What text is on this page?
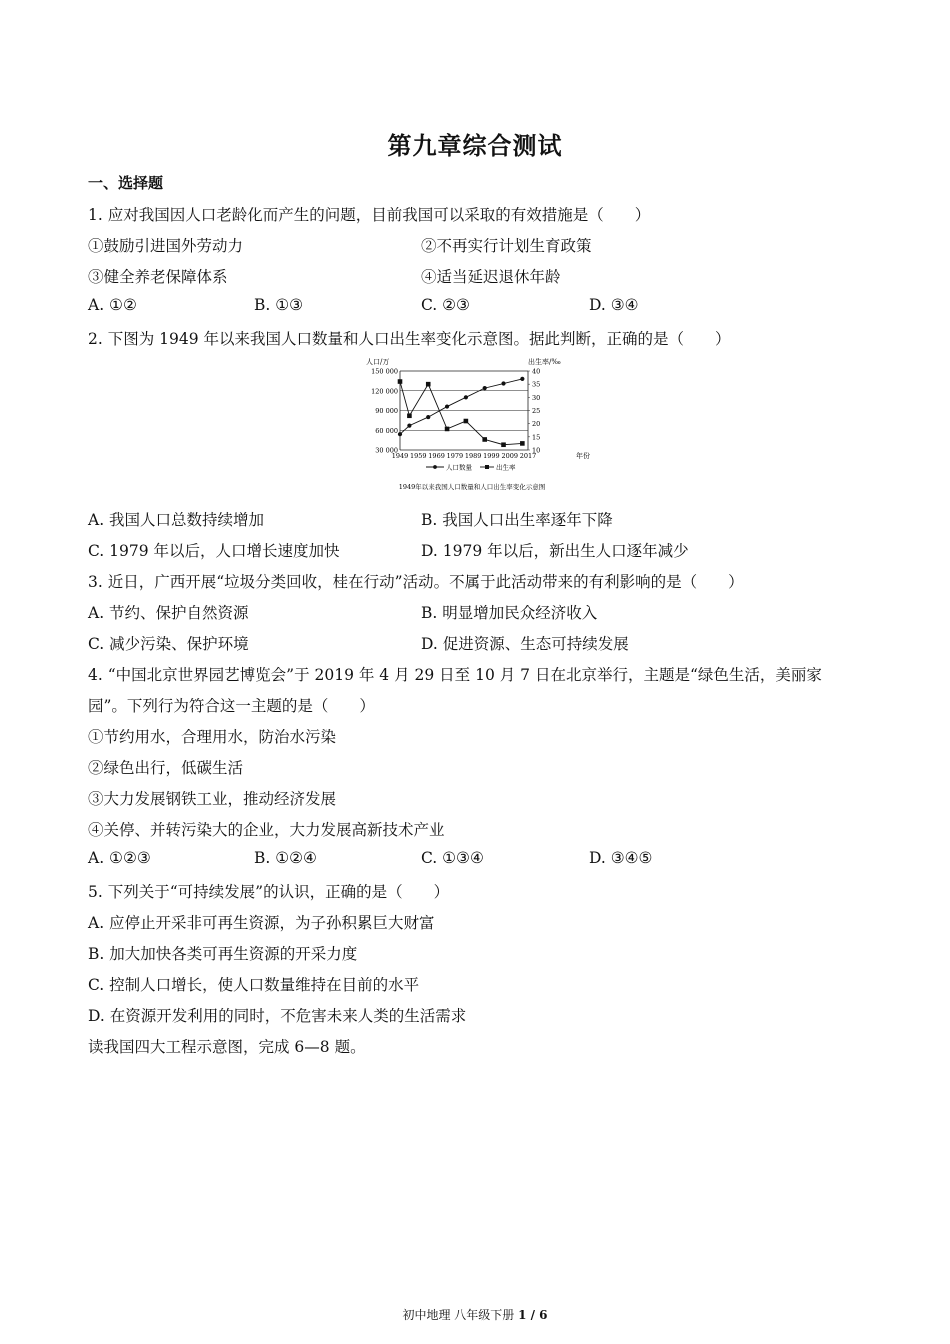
第九章综合测试
一、选择题
1. 应对我国因人口老龄化而产生的问题，目前我国可以采取的有效措施是（　　）
①鼓励引进国外劳动力	②不再实行计划生育政策
③健全养老保障体系	④适当延迟退休年龄
A. ①②	B. ①③	C. ②③	D. ③④
2. 下图为 1949 年以来我国人口数量和人口出生率变化示意图。据此判断，正确的是（　　）
人口/万	出生率/‰
150 000
120 000
90 000
60 000
30 000
40
35
30
25
20
15
10
1949 1959 1969 1979 1989 1999 2009 2017	年份
人口数量	出生率
1949年以来我国人口数量和人口出生率变化示意图
A. 我国人口总数持续增加	B. 我国人口出生率逐年下降
C. 1979 年以后，人口增长速度加快	D. 1979 年以后，新出生人口逐年减少
3. 近日，广西开展“垃圾分类回收，桂在行动”活动。不属于此活动带来的有利影响的是（　　）
A. 节约、保护自然资源	B. 明显增加民众经济收入
C. 减少污染、保护环境	D. 促进资源、生态可持续发展
4. “中国北京世界园艺博览会”于 2019 年 4 月 29 日至 10 月 7 日在北京举行，主题是“绿色生活，美丽家
园”。下列行为符合这一主题的是（　　）
①节约用水，合理用水，防治水污染
②绿色出行，低碳生活
③大力发展钢铁工业，推动经济发展
④关停、并转污染大的企业，大力发展高新技术产业
A. ①②③	B. ①②④	C. ①③④	D. ③④⑤
5. 下列关于“可持续发展”的认识，正确的是（　　）
A. 应停止开采非可再生资源，为子孙积累巨大财富
B. 加大加快各类可再生资源的开采力度
C. 控制人口增长，使人口数量维持在目前的水平
D. 在资源开发利用的同时，不危害未来人类的生活需求
读我国四大工程示意图，完成 6—8 题。
初中地理 八年级下册 1 / 6
